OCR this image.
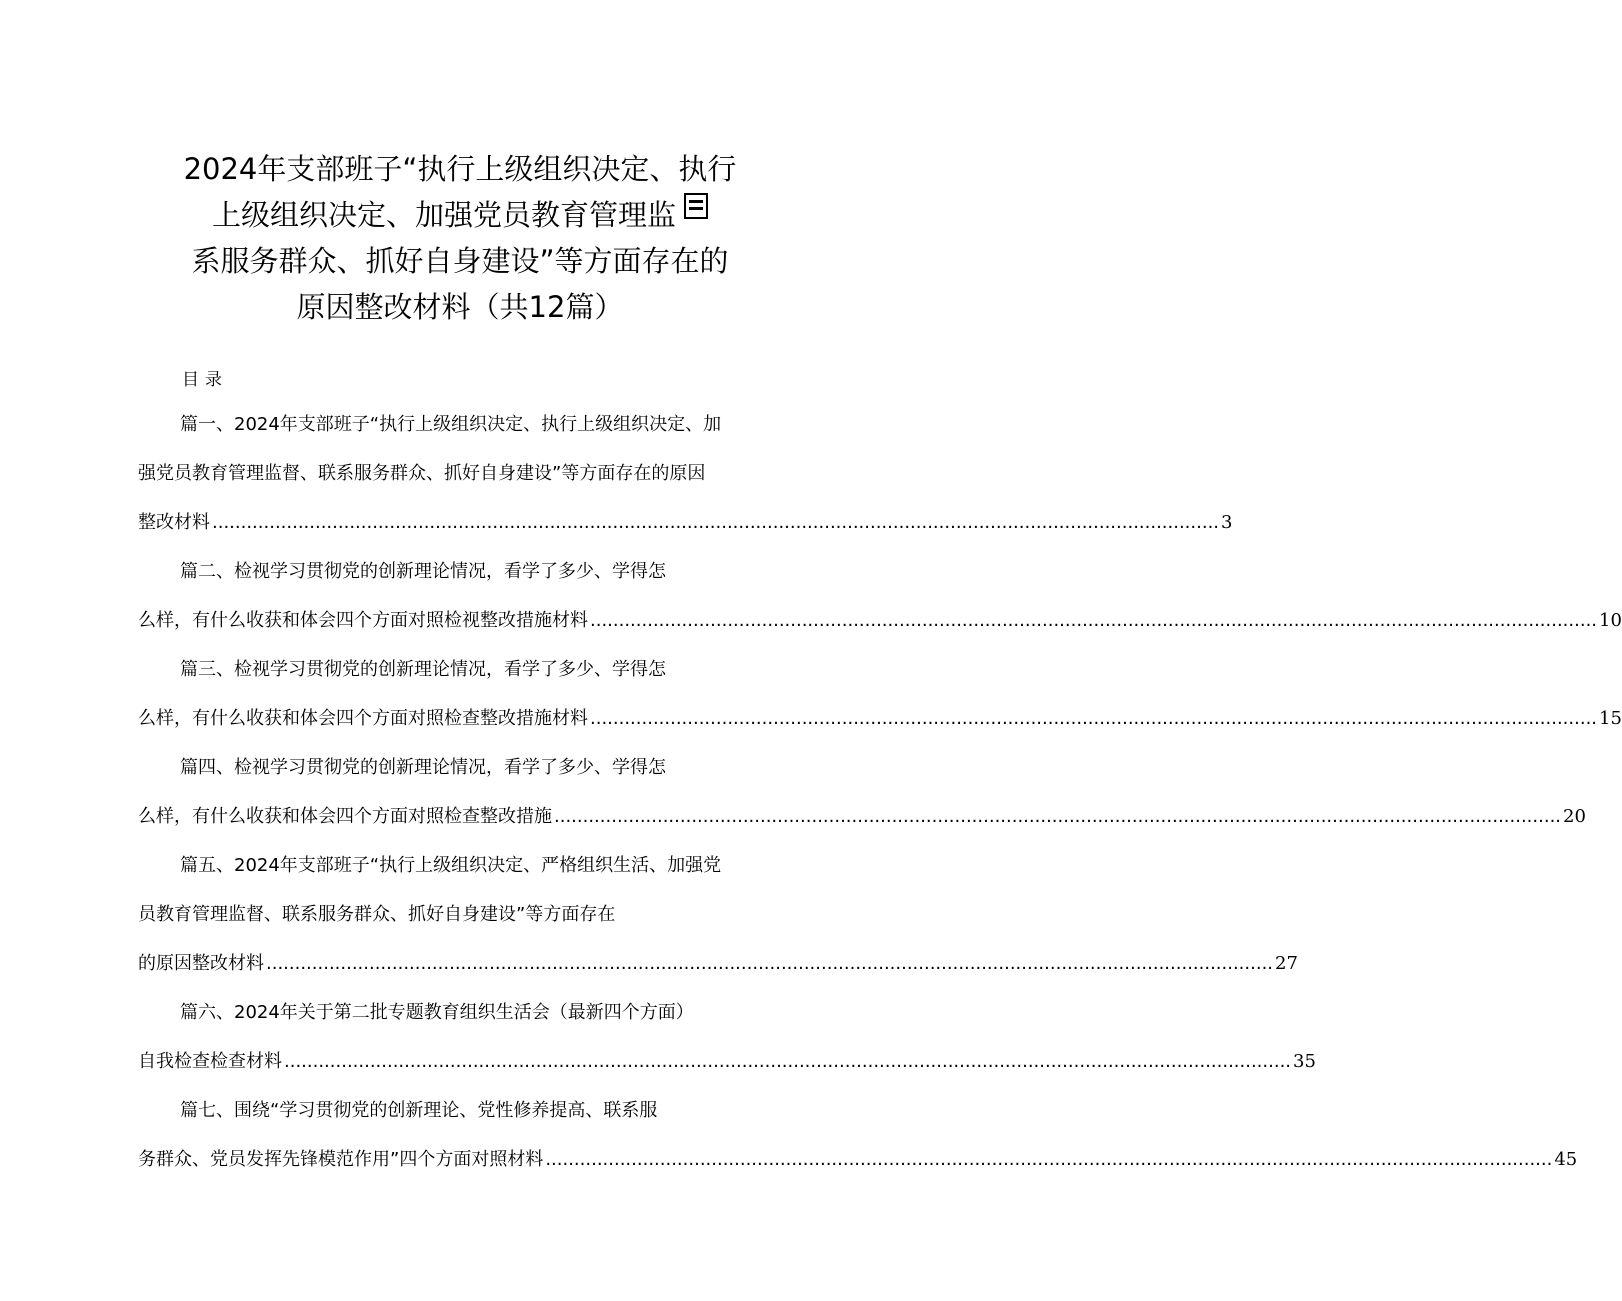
2024年支部班子“执行上级组织决定、执行
上级组织决定、加强党员教育管理监
系服务群众、抓好自身建设”等方面存在的
原因整改材料（共12篇）
目录
篇一、2024年支部班子“执行上级组织决定、执行上级组织决定、加
强党员教育管理监督、联系服务群众、抓好自身建设”等方面存在的原因
整改材料 ................................................................................................................................................................................ 3
篇二、检视学习贯彻党的创新理论情况，看学了多少、学得怎
么样，有什么收获和体会四个方面对照检视整改措施材料 ................................................................................................................................................................................ 10
篇三、检视学习贯彻党的创新理论情况，看学了多少、学得怎
么样，有什么收获和体会四个方面对照检查整改措施材料 ................................................................................................................................................................................ 15
篇四、检视学习贯彻党的创新理论情况，看学了多少、学得怎
么样，有什么收获和体会四个方面对照检查整改措施 ................................................................................................................................................................................ 20
篇五、2024年支部班子“执行上级组织决定、严格组织生活、加强党
员教育管理监督、联系服务群众、抓好自身建设”等方面存在
的原因整改材料 ................................................................................................................................................................................ 27
篇六、2024年关于第二批专题教育组织生活会（最新四个方面）
自我检查检查材料 ................................................................................................................................................................................ 35
篇七、围绕“学习贯彻党的创新理论、党性修养提高、联系服
务群众、党员发挥先锋模范作用”四个方面对照材料 ................................................................................................................................................................................ 45
